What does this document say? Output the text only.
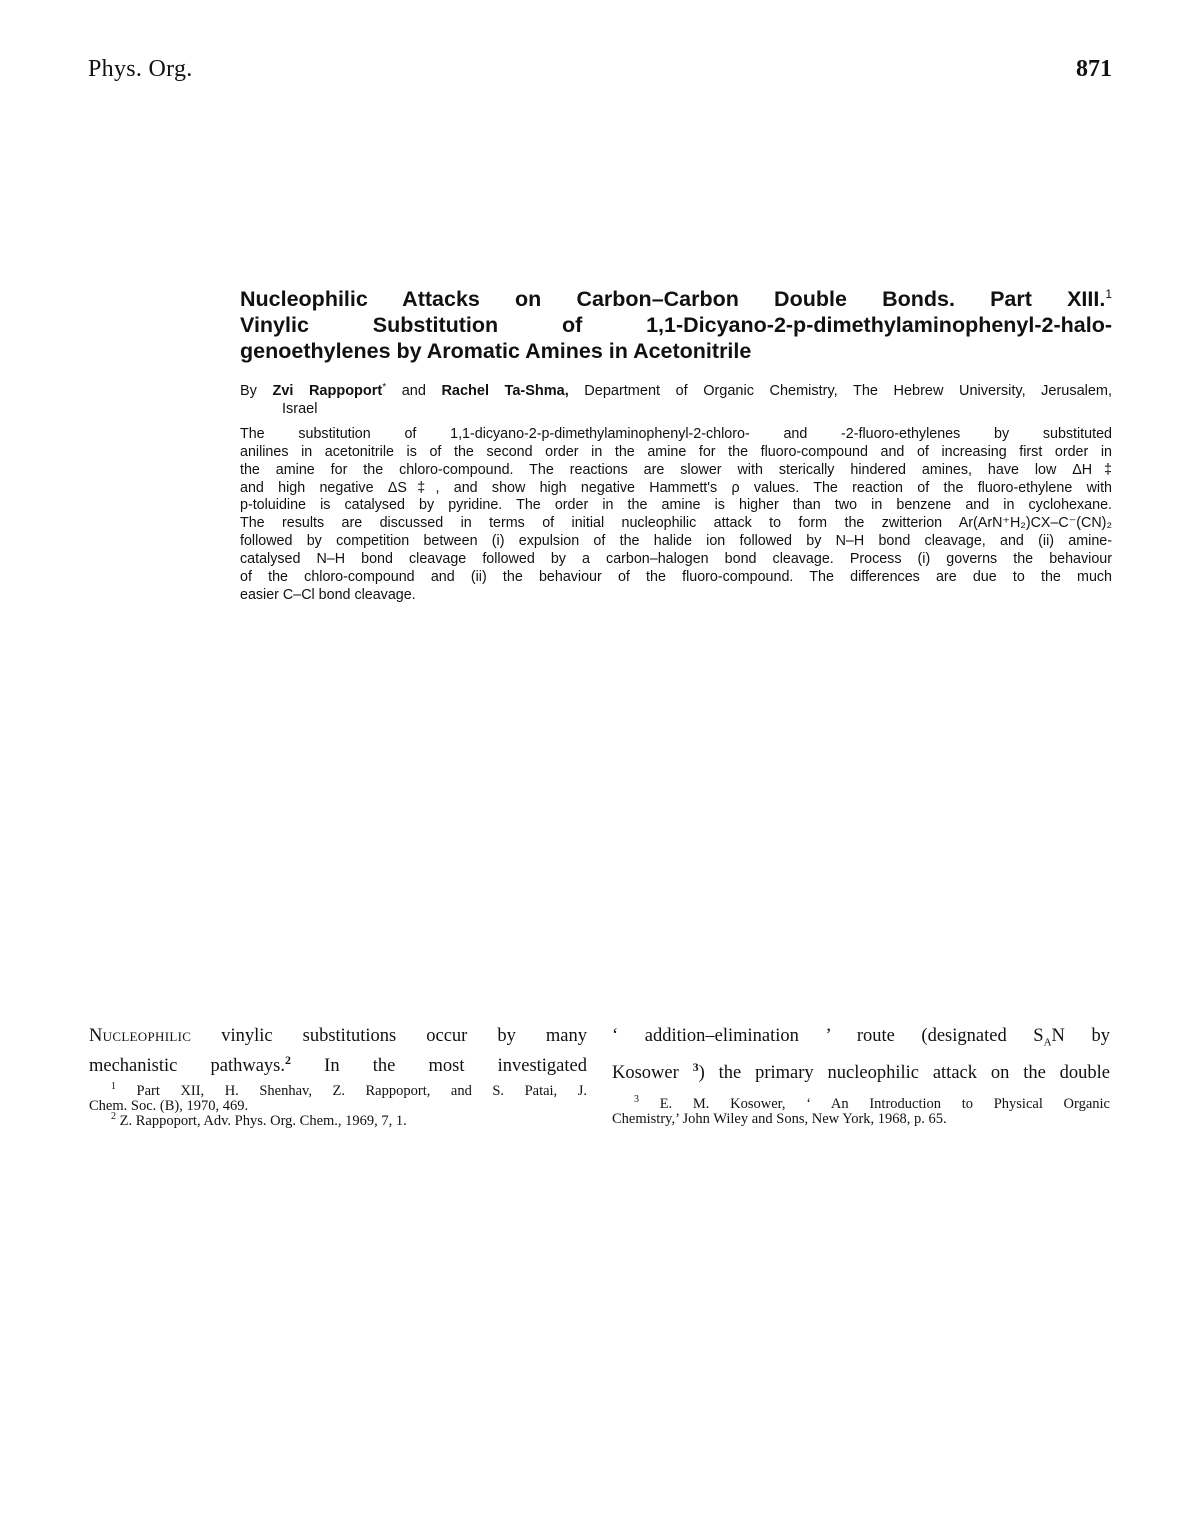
Phys. Org.	871
Nucleophilic Attacks on Carbon–Carbon Double Bonds. Part XIII.$^1$
Vinylic Substitution of 1,1-Dicyano-2-p-dimethylaminophenyl-2-halo-
genoethylenes by Aromatic Amines in Acetonitrile
By Zvi Rappoport* and Rachel Ta-Shma, Department of Organic Chemistry, The Hebrew University, Jerusalem,
Israel
The substitution of 1,1-dicyano-2-p-dimethylaminophenyl-2-chloro- and -2-fluoro-ethylenes by substituted
anilines in acetonitrile is of the second order in the amine for the fluoro-compound and of increasing first order in
the amine for the chloro-compound. The reactions are slower with sterically hindered amines, have low ΔH‡
and high negative ΔS‡, and show high negative Hammett's ρ values. The reaction of the fluoro-ethylene with
p-toluidine is catalysed by pyridine. The order in the amine is higher than two in benzene and in cyclohexane.
The results are discussed in terms of initial nucleophilic attack to form the zwitterion Ar(ArN⁺H₂)CX–C⁻(CN)₂
followed by competition between (i) expulsion of the halide ion followed by N–H bond cleavage, and (ii) amine-
catalysed N–H bond cleavage followed by a carbon–halogen bond cleavage. Process (i) governs the behaviour
of the chloro-compound and (ii) the behaviour of the fluoro-compound. The differences are due to the much
easier C–Cl bond cleavage.
Nucleophilic vinylic substitutions occur by many
mechanistic pathways.$^2$ In the most investigated
‘ addition–elimination ’ route (designated $S_AN$ by
Kosower $^3$) the primary nucleophilic attack on the double
$^1$ Part XII, H. Shenhav, Z. Rappoport, and S. Patai, J.
Chem. Soc. (B), 1970, 469.
$^2$ Z. Rappoport, Adv. Phys. Org. Chem., 1969, 7, 1.
$^3$ E. M. Kosower, ‘ An Introduction to Physical Organic
Chemistry,’ John Wiley and Sons, New York, 1968, p. 65.
